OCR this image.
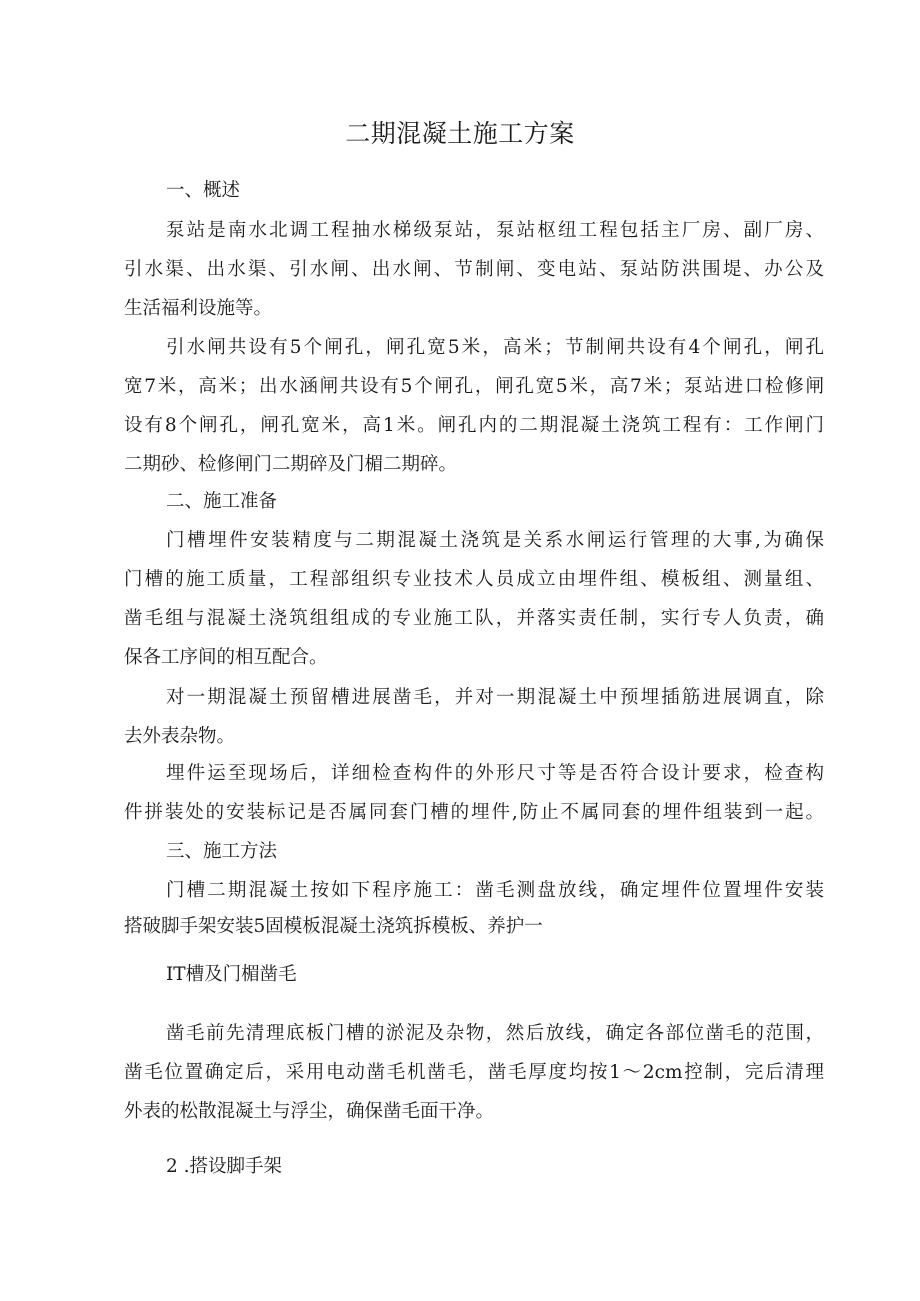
二期混凝土施工方案

一、概述

泵站是南水北调工程抽水梯级泵站，泵站枢纽工程包括主厂房、副厂房、

引水渠、出水渠、引水闸、出水闸、节制闸、变电站、泵站防洪围堤、办公及

生活福利设施等。

引水闸共设有5个闸孔，闸孔宽5米，高米；节制闸共设有4个闸孔，闸孔

宽7米，高米；出水涵闸共设有5个闸孔，闸孔宽5米，高7米；泵站进口检修闸

设有8个闸孔，闸孔宽米，高1米。闸孔内的二期混凝土浇筑工程有：工作闸门

二期砂、检修闸门二期碎及门楣二期碎。

二、施工准备

门槽埋件安装精度与二期混凝土浇筑是关系水闸运行管理的大事,为确保

门槽的施工质量，工程部组织专业技术人员成立由埋件组、模板组、测量组、

凿毛组与混凝土浇筑组组成的专业施工队，并落实责任制，实行专人负责，确

保各工序间的相互配合。

对一期混凝土预留槽进展凿毛，并对一期混凝土中预埋插筋进展调直，除

去外表杂物。

埋件运至现场后，详细检查构件的外形尺寸等是否符合设计要求，检查构

件拼装处的安装标记是否属同套门槽的埋件,防止不属同套的埋件组装到一起。

三、施工方法

门槽二期混凝土按如下程序施工：凿毛测盘放线，确定埋件位置埋件安装

搭破脚手架安装5固模板混凝土浇筑拆模板、养护一

IT槽及门楣凿毛

凿毛前先清理底板门槽的淤泥及杂物，然后放线，确定各部位凿毛的范围，

凿毛位置确定后，采用电动凿毛机凿毛，凿毛厚度均按1～2cm控制，完后清理

外表的松散混凝土与浮尘，确保凿毛面干净。

2 .搭设脚手架
